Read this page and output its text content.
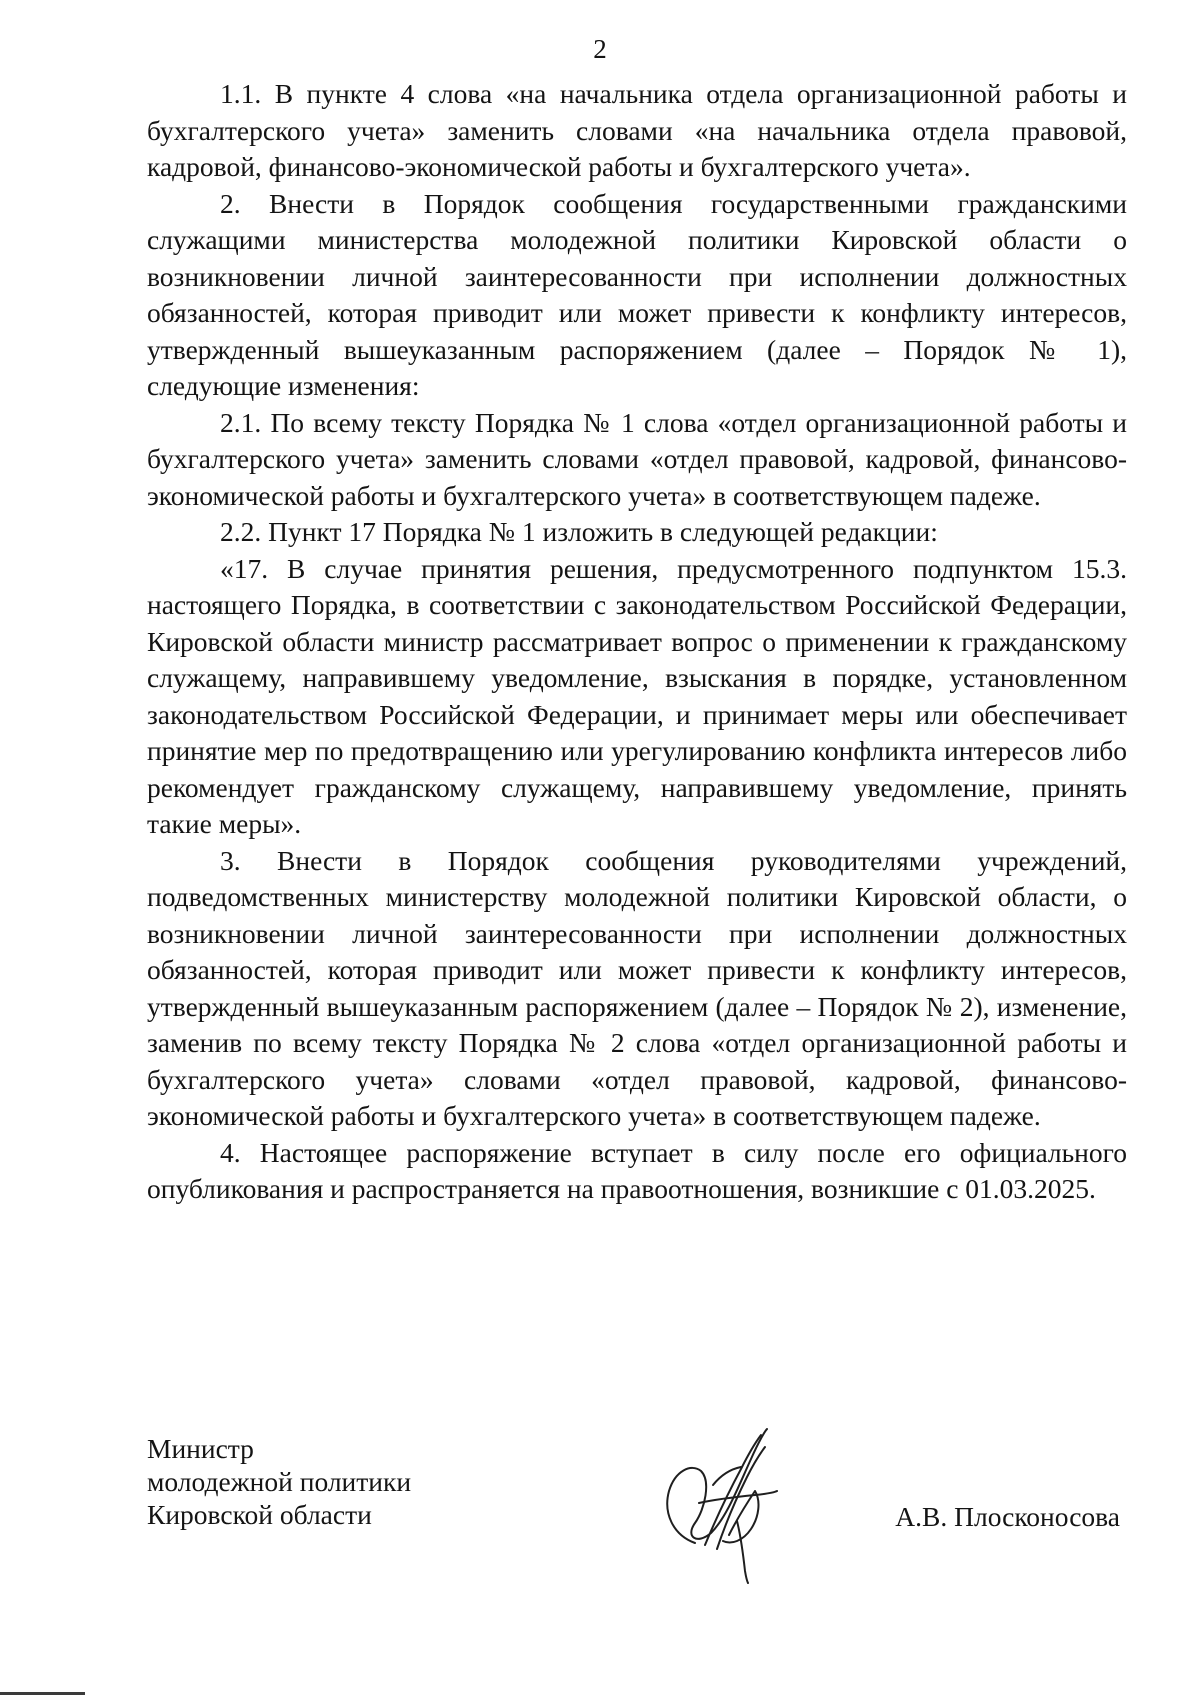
2

1.1. В пункте 4 слова «на начальника отдела организационной работы и бухгалтерского учета» заменить словами «на начальника отдела правовой, кадровой, финансово-экономической работы и бухгалтерского учета».

2. Внести в Порядок сообщения государственными гражданскими служащими министерства молодежной политики Кировской области о возникновении личной заинтересованности при исполнении должностных обязанностей, которая приводит или может привести к конфликту интересов, утвержденный вышеуказанным распоряжением (далее – Порядок № 1), следующие изменения:

2.1. По всему тексту Порядка № 1 слова «отдел организационной работы и бухгалтерского учета» заменить словами «отдел правовой, кадровой, финансово-экономической работы и бухгалтерского учета» в соответствующем падеже.

2.2. Пункт 17 Порядка № 1 изложить в следующей редакции:

«17. В случае принятия решения, предусмотренного подпунктом 15.3. настоящего Порядка, в соответствии с законодательством Российской Федерации, Кировской области министр рассматривает вопрос о применении к гражданскому служащему, направившему уведомление, взыскания в порядке, установленном законодательством Российской Федерации, и принимает меры или обеспечивает принятие мер по предотвращению или урегулированию конфликта интересов либо рекомендует гражданскому служащему, направившему уведомление, принять такие меры».

3. Внести в Порядок сообщения руководителями учреждений, подведомственных министерству молодежной политики Кировской области, о возникновении личной заинтересованности при исполнении должностных обязанностей, которая приводит или может привести к конфликту интересов, утвержденный вышеуказанным распоряжением (далее – Порядок № 2), изменение, заменив по всему тексту Порядка № 2 слова «отдел организационной работы и бухгалтерского учета» словами «отдел правовой, кадровой, финансово-экономической работы и бухгалтерского учета» в соответствующем падеже.

4. Настоящее распоряжение вступает в силу после его официального опубликования и распространяется на правоотношения, возникшие с 01.03.2025.

Министр
молодежной политики
Кировской области	А.В. Плосконосова
